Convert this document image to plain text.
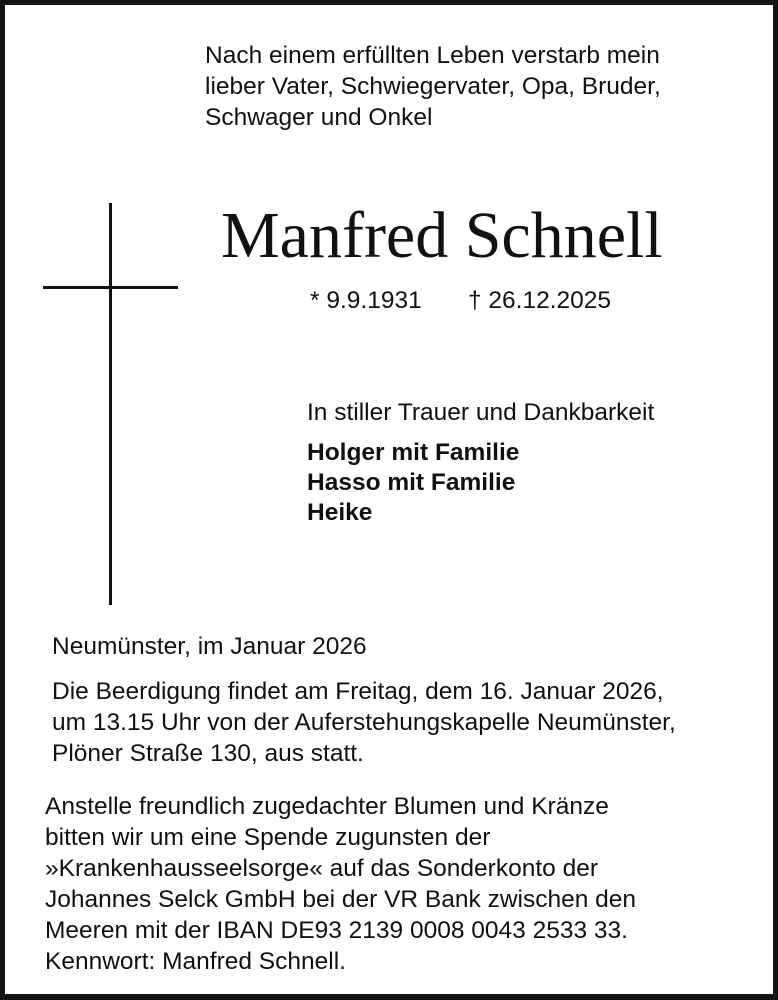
Nach einem erfüllten Leben verstarb mein
lieber Vater, Schwiegervater, Opa, Bruder,
Schwager und Onkel
Manfred Schnell
* 9.9.1931 † 26.12.2025
In stiller Trauer und Dankbarkeit
Holger mit Familie
Hasso mit Familie
Heike
Neumünster, im Januar 2026
Die Beerdigung findet am Freitag, dem 16. Januar 2026,
um 13.15 Uhr von der Auferstehungskapelle Neumünster,
Plöner Straße 130, aus statt.
Anstelle freundlich zugedachter Blumen und Kränze
bitten wir um eine Spende zugunsten der
»Krankenhausseelsorge« auf das Sonderkonto der
Johannes Selck GmbH bei der VR Bank zwischen den
Meeren mit der IBAN DE93 2139 0008 0043 2533 33.
Kennwort: Manfred Schnell.
